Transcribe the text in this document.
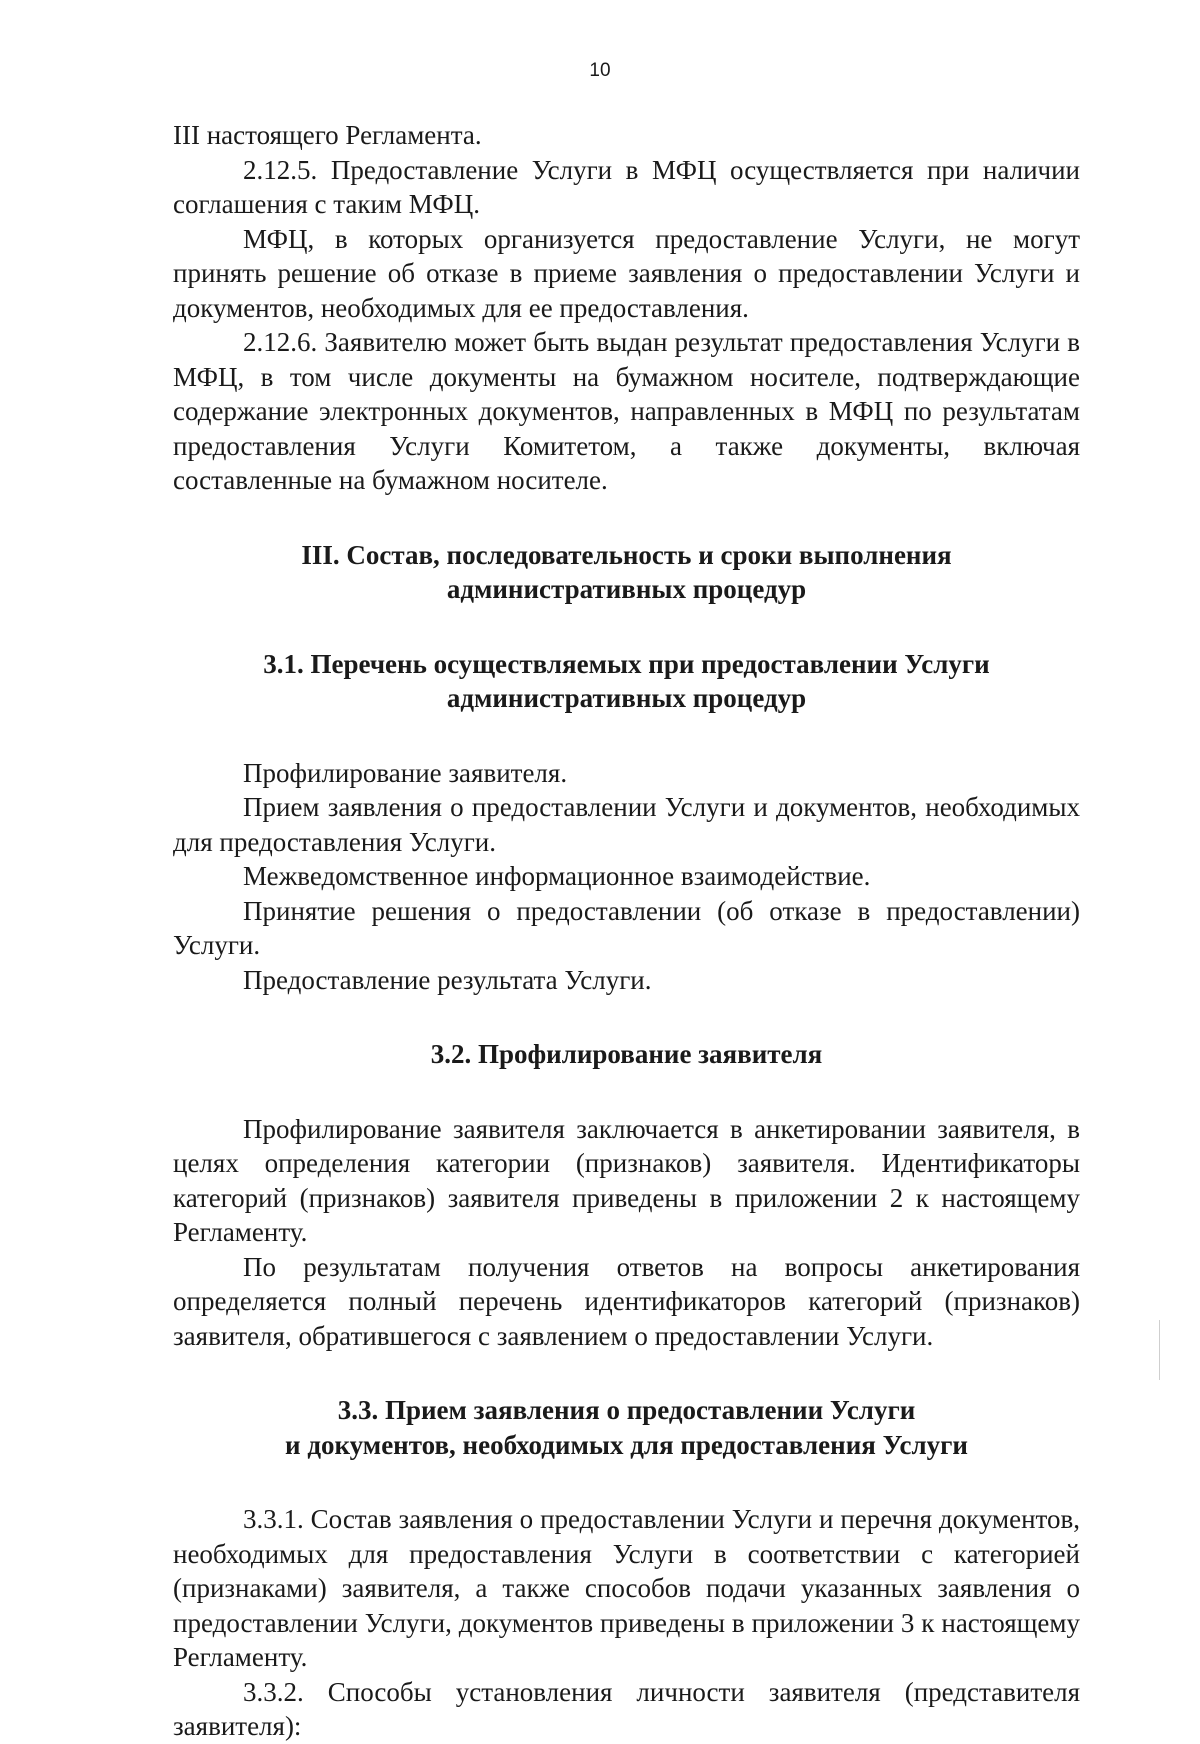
10

III настоящего Регламента.

2.12.5. Предоставление Услуги в МФЦ осуществляется при наличии соглашения с таким МФЦ.

МФЦ, в которых организуется предоставление Услуги, не могут принять решение об отказе в приеме заявления о предоставлении Услуги и документов, необходимых для ее предоставления.

2.12.6. Заявителю может быть выдан результат предоставления Услуги в МФЦ, в том числе документы на бумажном носителе, подтверждающие содержание электронных документов, направленных в МФЦ по результатам предоставления Услуги Комитетом, а также документы, включая составленные на бумажном носителе.

III. Состав, последовательность и сроки выполнения
административных процедур
3.1. Перечень осуществляемых при предоставлении Услуги
административных процедур

Профилирование заявителя.

Прием заявления о предоставлении Услуги и документов, необходимых для предоставления Услуги.

Межведомственное информационное взаимодействие.

Принятие решения о предоставлении (об отказе в предоставлении) Услуги.

Предоставление результата Услуги.

3.2. Профилирование заявителя

Профилирование заявителя заключается в анкетировании заявителя, в целях определения категории (признаков) заявителя. Идентификаторы категорий (признаков) заявителя приведены в приложении 2 к настоящему Регламенту.

По результатам получения ответов на вопросы анкетирования определяется полный перечень идентификаторов категорий (признаков) заявителя, обратившегося с заявлением о предоставлении Услуги.

3.3. Прием заявления о предоставлении Услуги
и документов, необходимых для предоставления Услуги

3.3.1. Состав заявления о предоставлении Услуги и перечня документов, необходимых для предоставления Услуги в соответствии с категорией (признаками) заявителя, а также способов подачи указанных заявления о предоставлении Услуги, документов приведены в приложении 3 к настоящему Регламенту.

3.3.2. Способы установления личности заявителя (представителя заявителя):
